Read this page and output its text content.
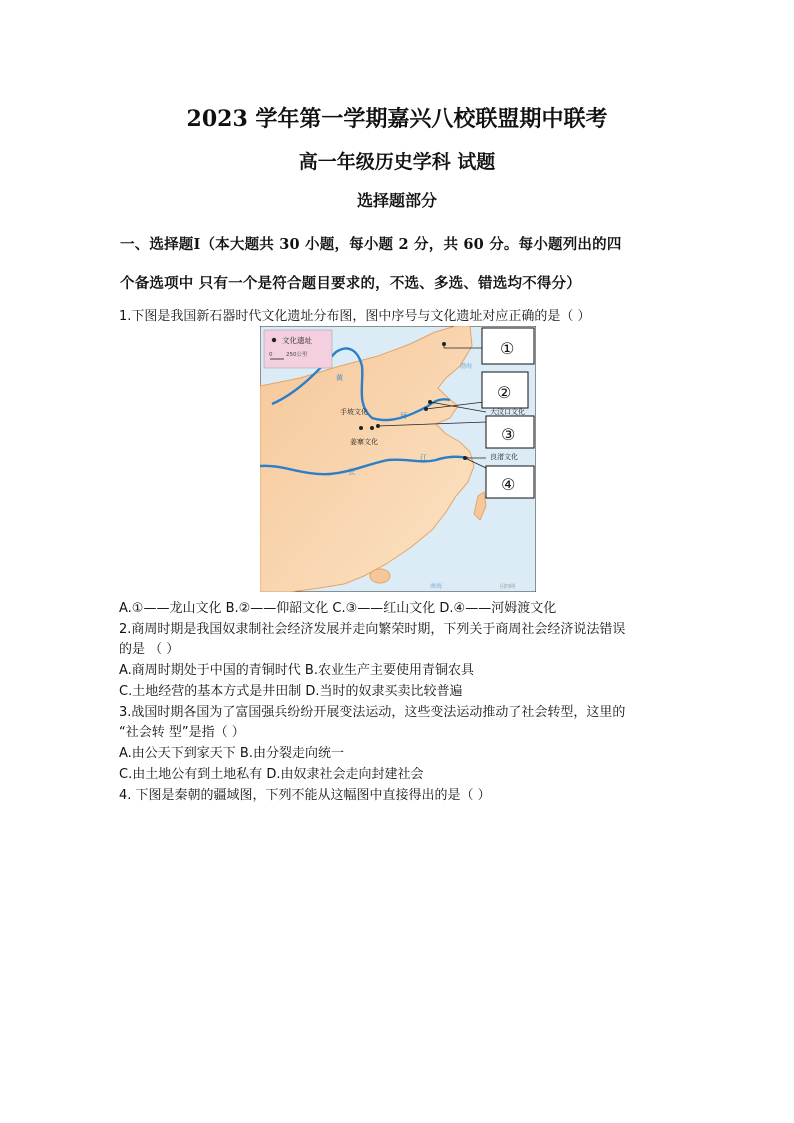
2023 学年第一学期嘉兴八校联盟期中联考
高一年级历史学科 试题
选择题部分
一、选择题Ⅰ（本大题共 30 小题，每小题 2 分，共 60 分。每小题列出的四
个备选项中 只有一个是符合题目要求的，不选、多选、错选均不得分）
1.下图是我国新石器时代文化遗址分布图，图中序号与文化遗址对应正确的是（ ）
文化遗址
0 250公里
手坡文化
姜寨文化
黄
河
长
江
渤海
南海
大汶口文化
良渚文化
①
②
③
④
闪四网
A.①——龙山文化 B.②——仰韶文化 C.③——红山文化 D.④——河姆渡文化
2.商周时期是我国奴隶制社会经济发展并走向繁荣时期，下列关于商周社会经济说法错误
的是 （ ）
A.商周时期处于中国的青铜时代 B.农业生产主要使用青铜农具
C.土地经营的基本方式是井田制 D.当时的奴隶买卖比较普遍
3.战国时期各国为了富国强兵纷纷开展变法运动，这些变法运动推动了社会转型，这里的
“社会转 型”是指（ ）
A.由公天下到家天下 B.由分裂走向统一
C.由土地公有到土地私有 D.由奴隶社会走向封建社会
4. 下图是秦朝的疆域图，下列不能从这幅图中直接得出的是（ ）
